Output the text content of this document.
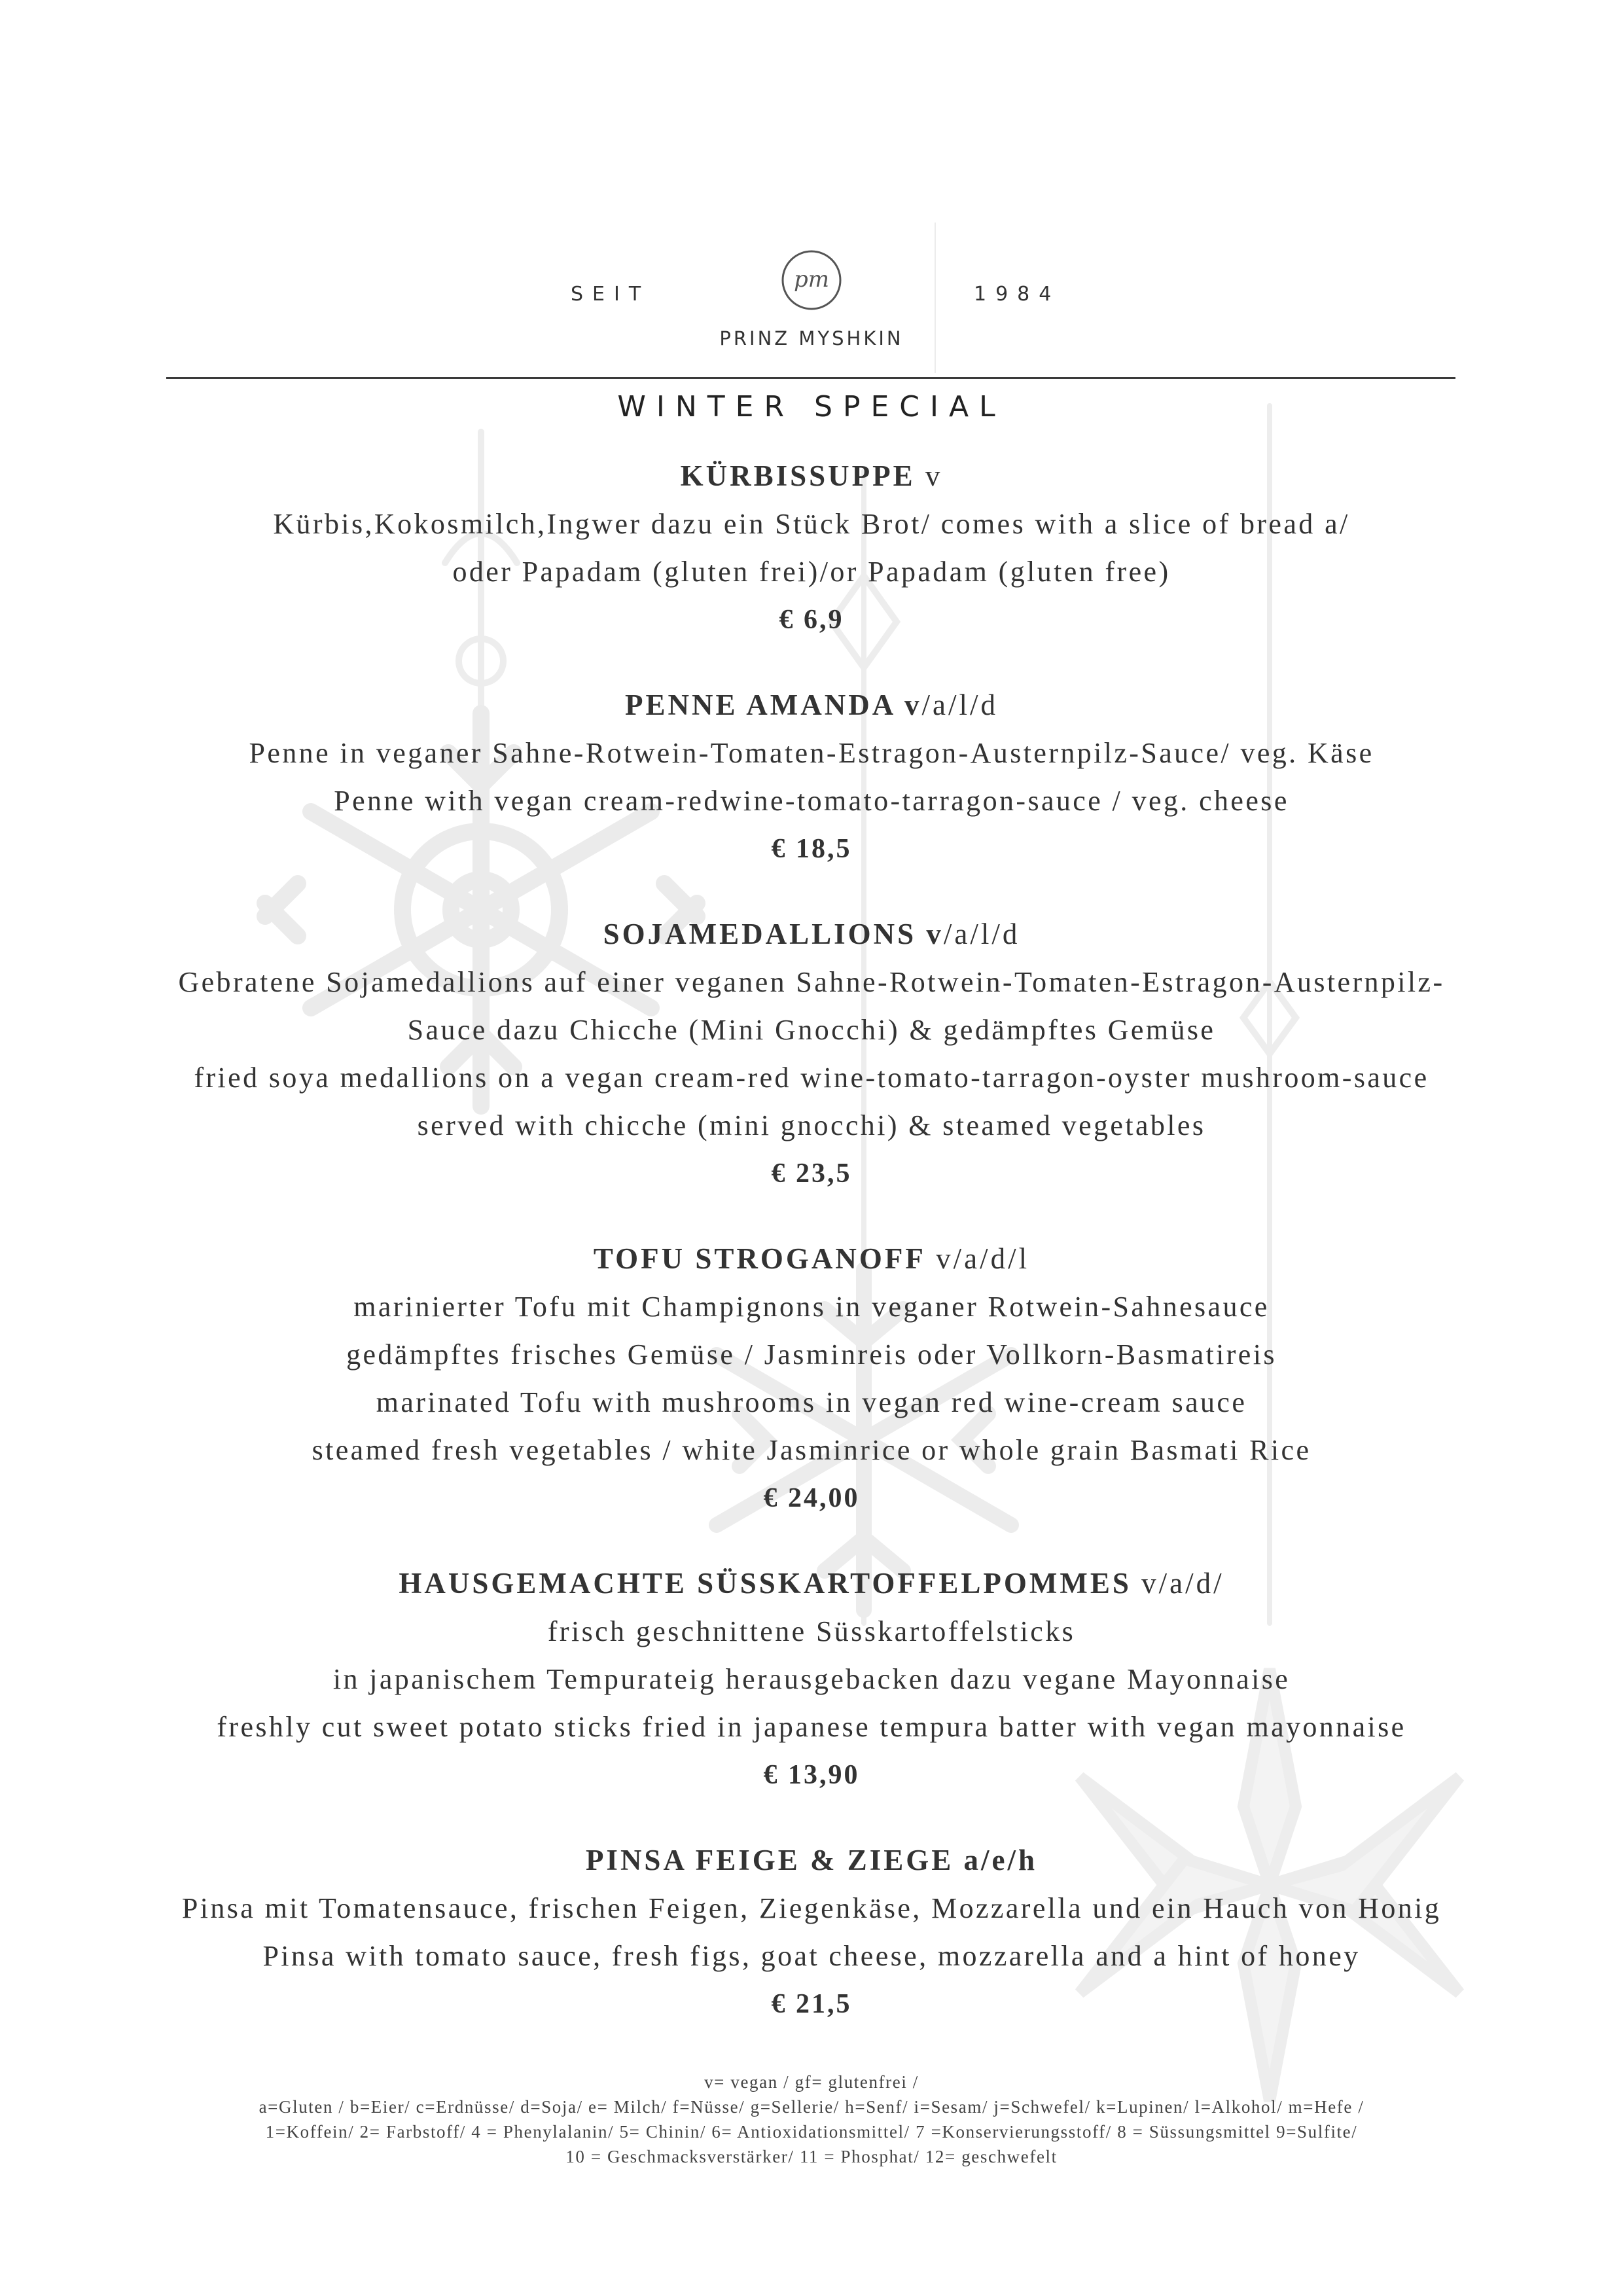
SEIT
pm
1984
PRINZ MYSHKIN
WINTER SPECIAL
KÜRBISSUPPE v
Kürbis,Kokosmilch,Ingwer dazu ein Stück Brot/ comes with a slice of bread a/
oder Papadam (gluten frei)/or Papadam (gluten free)
€ 6,9
PENNE AMANDA v/a/l/d
Penne in veganer Sahne-Rotwein-Tomaten-Estragon-Austernpilz-Sauce/ veg. Käse
Penne with vegan cream-redwine-tomato-tarragon-sauce / veg. cheese
€ 18,5
SOJAMEDALLIONS v/a/l/d
Gebratene Sojamedallions auf einer veganen Sahne-Rotwein-Tomaten-Estragon-Austernpilz-
Sauce dazu Chicche (Mini Gnocchi) & gedämpftes Gemüse
fried soya medallions on a vegan cream-red wine-tomato-tarragon-oyster mushroom-sauce
served with chicche (mini gnocchi) & steamed vegetables
€ 23,5
TOFU STROGANOFF v/a/d/l
marinierter Tofu mit Champignons in veganer Rotwein-Sahnesauce
gedämpftes frisches Gemüse / Jasminreis oder Vollkorn-Basmatireis
marinated Tofu with mushrooms in vegan red wine-cream sauce
steamed fresh vegetables / white Jasminrice or whole grain Basmati Rice
€ 24,00
HAUSGEMACHTE SÜSSKARTOFFELPOMMES v/a/d/
frisch geschnittene Süsskartoffelsticks
in japanischem Tempurateig herausgebacken dazu vegane Mayonnaise
freshly cut sweet potato sticks fried in japanese tempura batter with vegan mayonnaise
€ 13,90
PINSA FEIGE & ZIEGE a/e/h
Pinsa mit Tomatensauce, frischen Feigen, Ziegenkäse, Mozzarella und ein Hauch von Honig
Pinsa with tomato sauce, fresh figs, goat cheese, mozzarella and a hint of honey
€ 21,5
v= vegan / gf= glutenfrei /
a=Gluten / b=Eier/ c=Erdnüsse/ d=Soja/ e= Milch/ f=Nüsse/ g=Sellerie/ h=Senf/ i=Sesam/ j=Schwefel/ k=Lupinen/ l=Alkohol/ m=Hefe /
1=Koffein/ 2= Farbstoff/ 4 = Phenylalanin/ 5= Chinin/ 6= Antioxidationsmittel/ 7 =Konservierungsstoff/ 8 = Süssungsmittel 9=Sulfite/
10 = Geschmacksverstärker/ 11 = Phosphat/ 12= geschwefelt
